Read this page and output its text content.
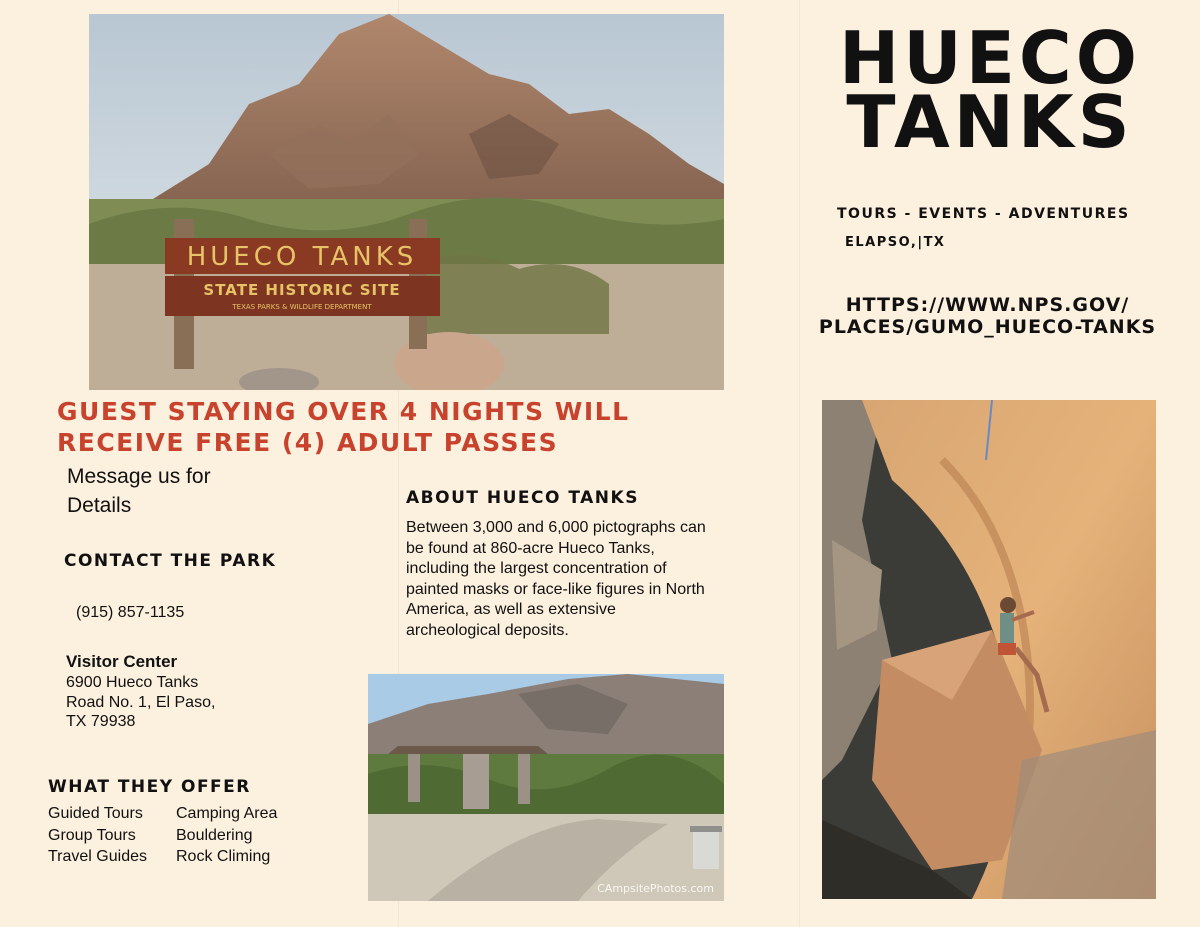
HUECO TANKS
STATE HISTORIC SITE
TEXAS PARKS & WILDLIFE DEPARTMENT
HUECO
TANKS
TOURS - EVENTS - ADVENTURES
ELAPSO,|TX
HTTPS://WWW.NPS.GOV/
PLACES/GUMO_HUECO-TANKS
GUEST STAYING OVER 4 NIGHTS WILL
RECEIVE FREE (4) ADULT PASSES
Message us for Details
CONTACT THE PARK
(915) 857-1135
Visitor Center
6900 Hueco Tanks Road No. 1, El Paso, TX 79938
WHAT THEY OFFER
Guided Tours	Camping Area
Group Tours	Bouldering
Travel Guides	Rock Climing
ABOUT HUECO TANKS
Between 3,000 and 6,000 pictographs can be found at 860-acre Hueco Tanks, including the largest concentration of painted masks or face-like figures in North America, as well as extensive archeological deposits.
CAmpsitePhotos.com
